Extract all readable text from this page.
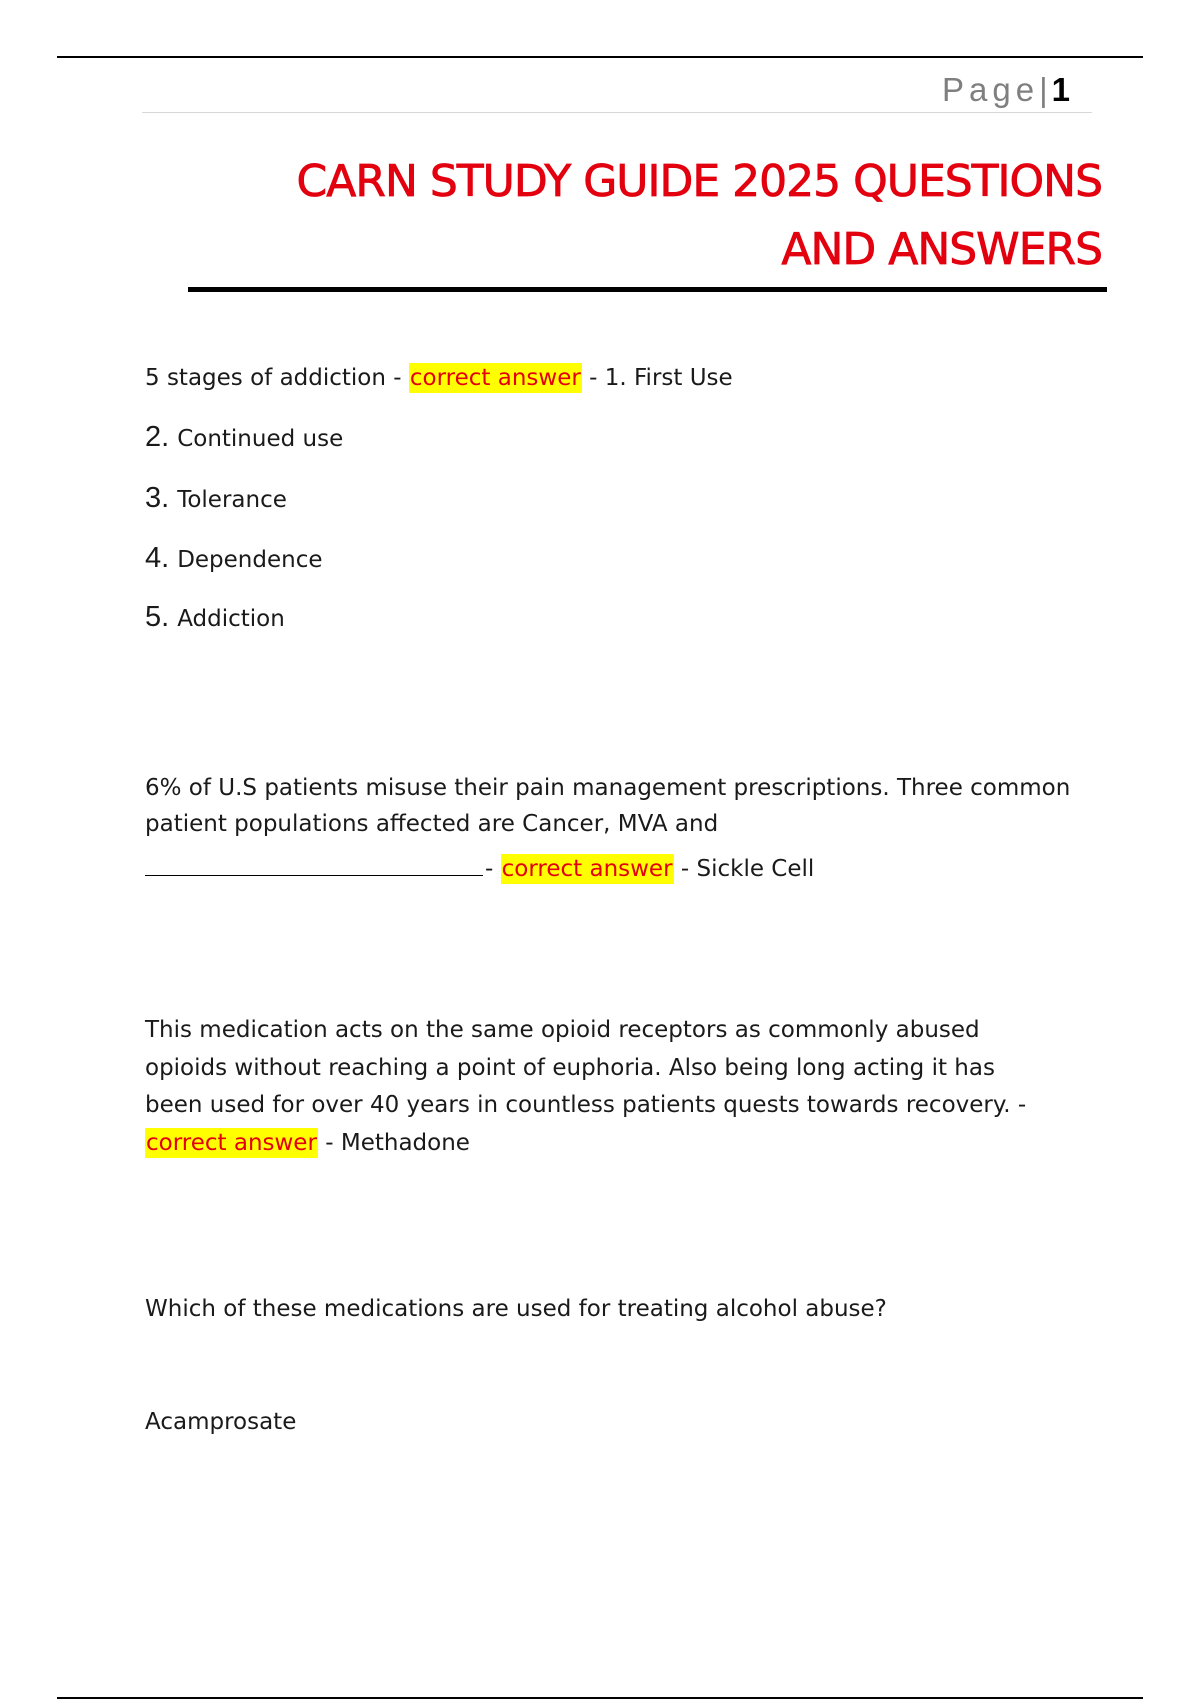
Page| 1
CARN STUDY GUIDE 2025 QUESTIONS
AND ANSWERS
5 stages of addiction - correct answer - 1. First Use
2. Continued use
3. Tolerance
4. Dependence
5. Addiction
6% of U.S patients misuse their pain management prescriptions. Three common
patient populations affected are Cancer, MVA and
- correct answer - Sickle Cell
This medication acts on the same opioid receptors as commonly abused
opioids without reaching a point of euphoria. Also being long acting it has
been used for over 40 years in countless patients quests towards recovery. -
correct answer - Methadone
Which of these medications are used for treating alcohol abuse?
Acamprosate
